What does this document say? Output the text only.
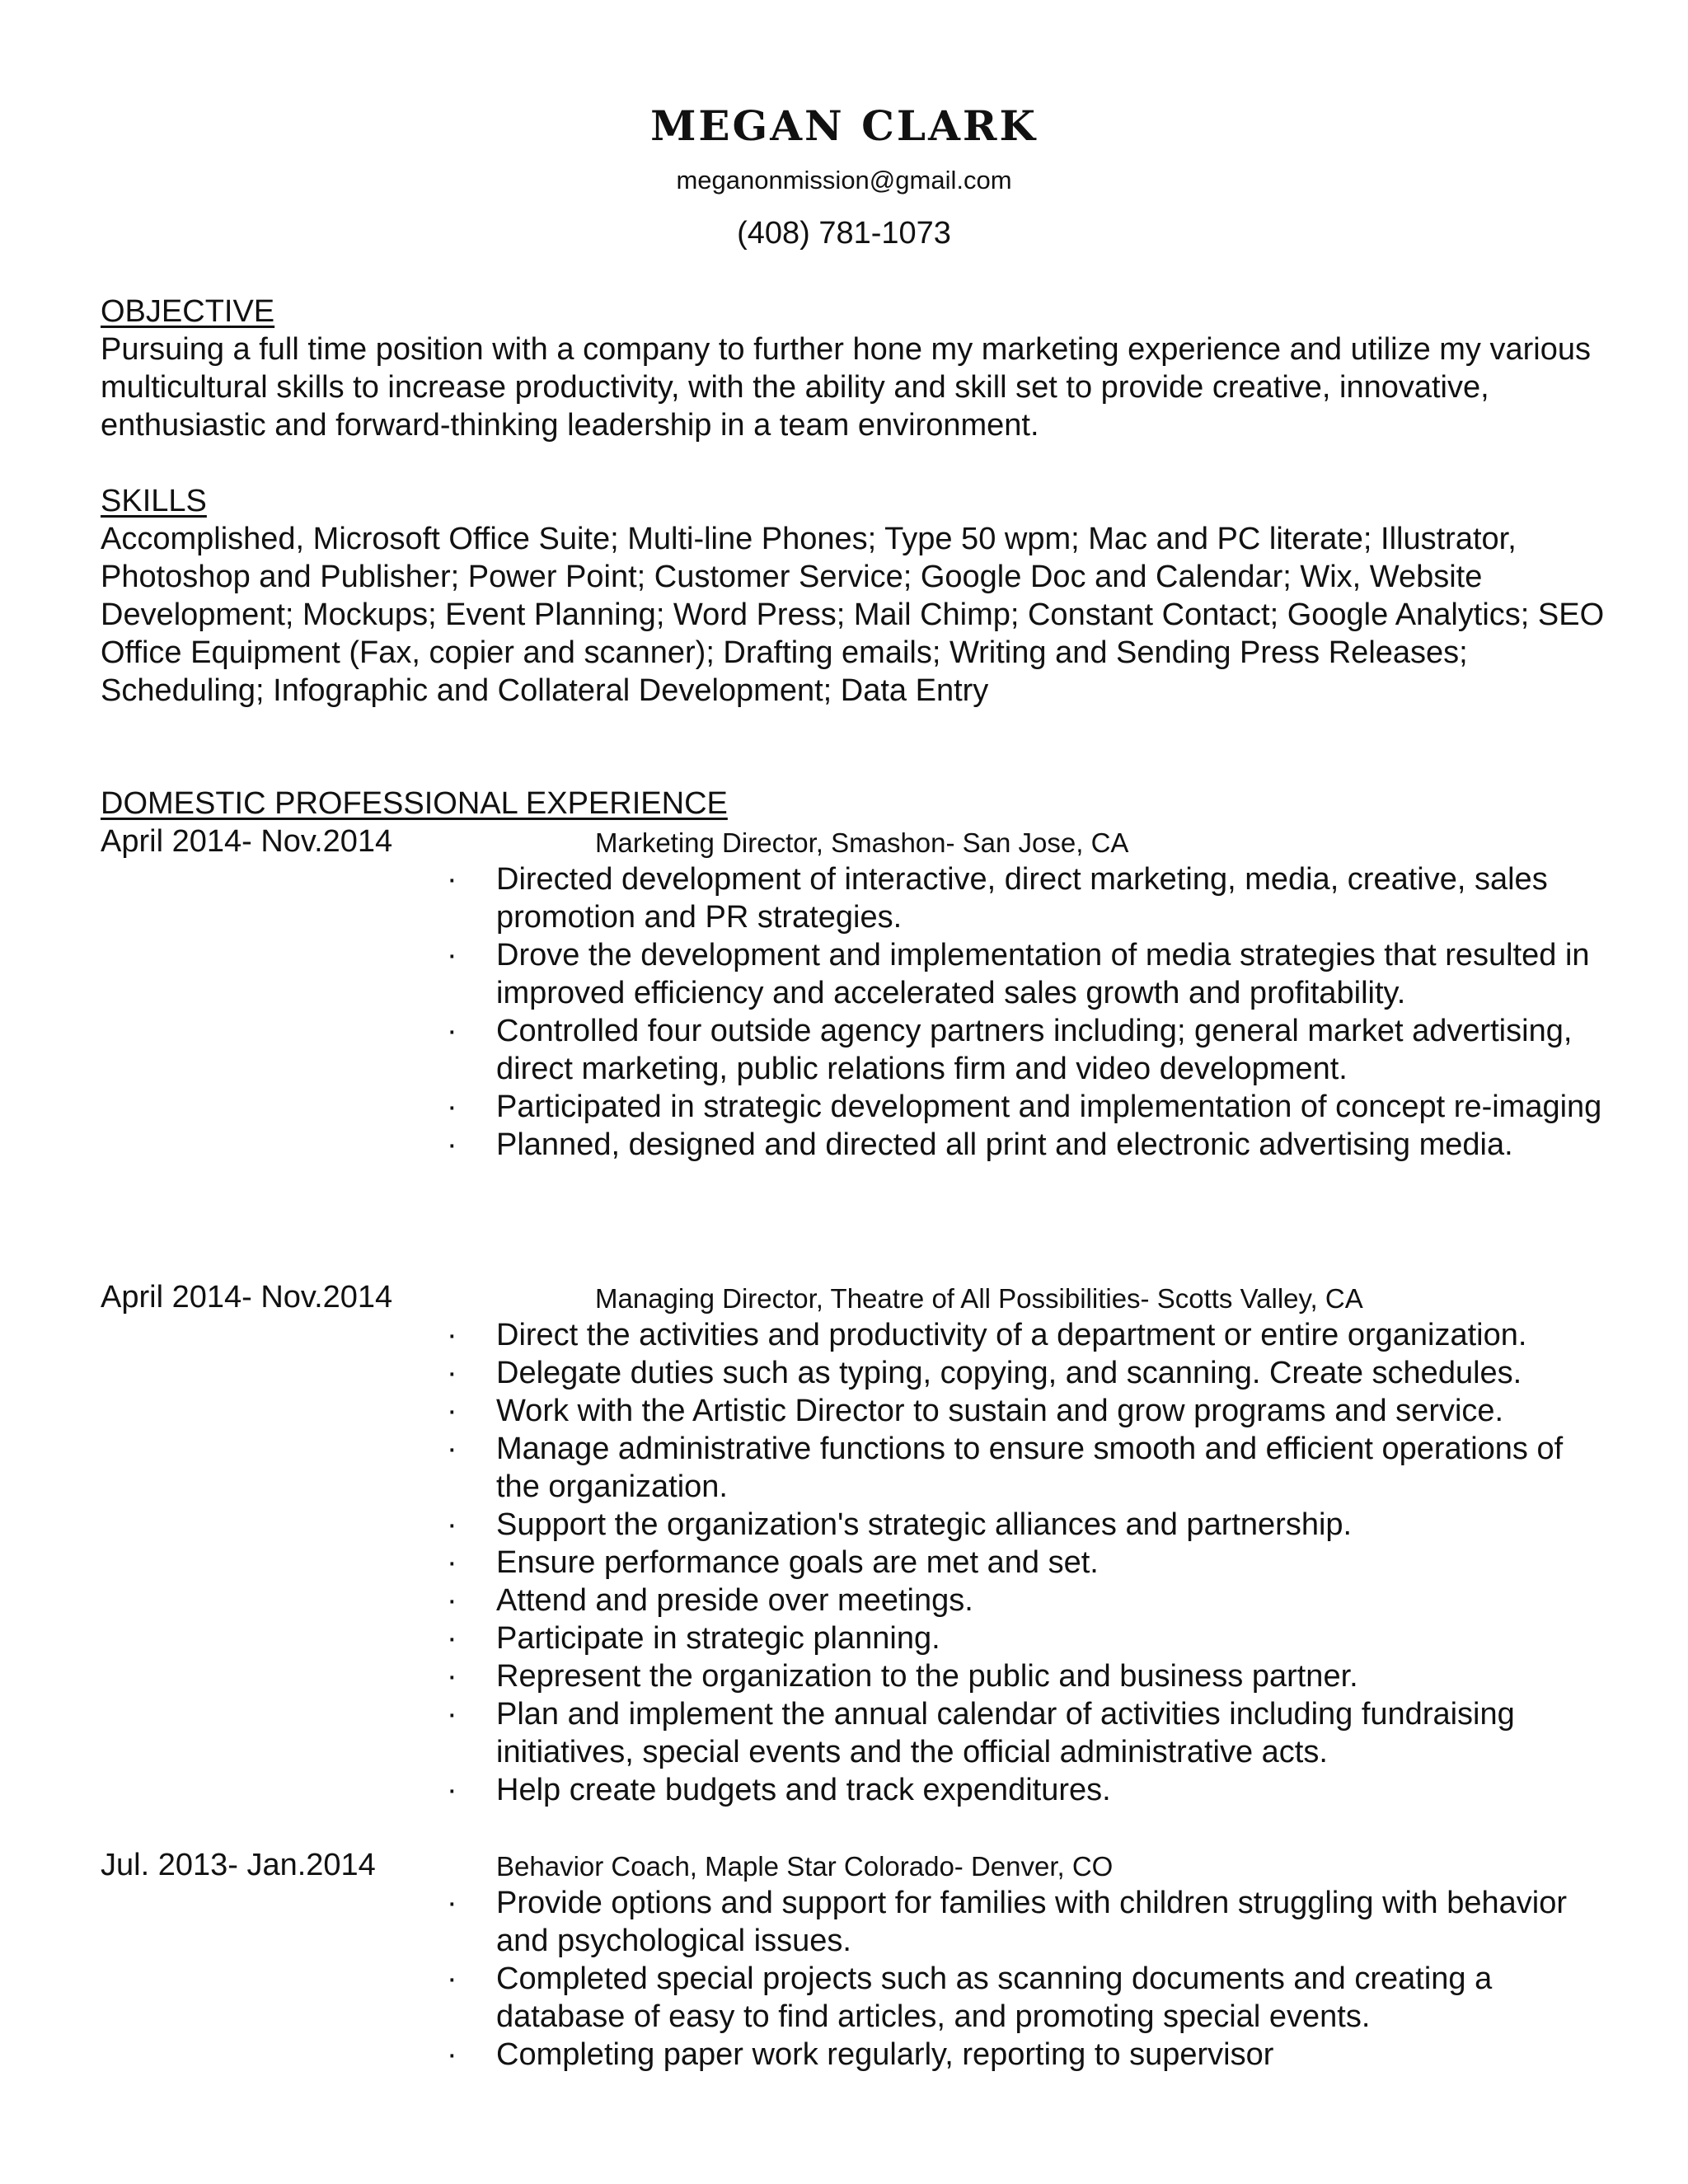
MEGAN CLARK
meganonmission@gmail.com
(408) 781-1073
OBJECTIVE
Pursuing a full time position with a company to further hone my marketing experience and utilize my various multicultural skills to increase productivity, with the ability and skill set to provide creative, innovative, enthusiastic and forward-thinking leadership in a team environment.
SKILLS
Accomplished, Microsoft Office Suite; Multi-line Phones; Type 50 wpm; Mac and PC literate; Illustrator, Photoshop and Publisher; Power Point; Customer Service; Google Doc and Calendar; Wix, Website Development; Mockups; Event Planning; Word Press; Mail Chimp; Constant Contact; Google Analytics; SEO Office Equipment (Fax, copier and scanner); Drafting emails; Writing and Sending Press Releases; Scheduling; Infographic and Collateral Development; Data Entry
DOMESTIC PROFESSIONAL EXPERIENCE
April 2014- Nov.2014	Marketing Director, Smashon- San Jose, CA
· Directed development of interactive, direct marketing, media, creative, sales promotion and PR strategies.
· Drove the development and implementation of media strategies that resulted in improved efficiency and accelerated sales growth and profitability.
· Controlled four outside agency partners including; general market advertising, direct marketing, public relations firm and video development.
· Participated in strategic development and implementation of concept re-imaging
· Planned, designed and directed all print and electronic advertising media.
April 2014- Nov.2014	Managing Director, Theatre of All Possibilities- Scotts Valley, CA
· Direct the activities and productivity of a department or entire organization.
· Delegate duties such as typing, copying, and scanning. Create schedules.
· Work with the Artistic Director to sustain and grow programs and service.
· Manage administrative functions to ensure smooth and efficient operations of the organization.
· Support the organization's strategic alliances and partnership.
· Ensure performance goals are met and set.
· Attend and preside over meetings.
· Participate in strategic planning.
· Represent the organization to the public and business partner.
· Plan and implement the annual calendar of activities including fundraising initiatives, special events and the official administrative acts.
· Help create budgets and track expenditures.
Jul. 2013- Jan.2014	Behavior Coach, Maple Star Colorado- Denver, CO
· Provide options and support for families with children struggling with behavior and psychological issues.
· Completed special projects such as scanning documents and creating a database of easy to find articles, and promoting special events.
· Completing paper work regularly, reporting to supervisor
